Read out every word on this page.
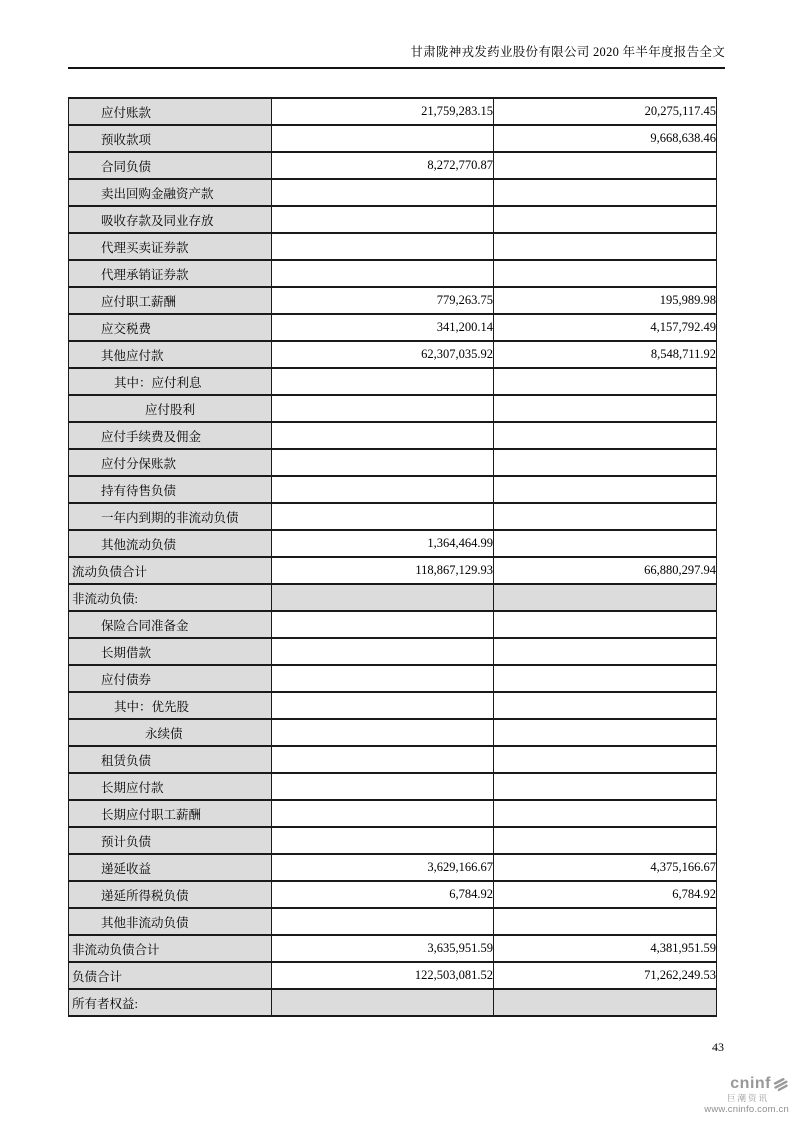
甘肃陇神戎发药业股份有限公司 2020 年半年度报告全文
应付账款	21,759,283.15	20,275,117.45

预收款项		9,668,638.46

合同负债	8,272,770.87	

卖出回购金融资产款		

吸收存款及同业存放		

代理买卖证券款		

代理承销证券款		

应付职工薪酬	779,263.75	195,989.98

应交税费	341,200.14	4,157,792.49

其他应付款	62,307,035.92	8,548,711.92

其中：应付利息		

应付股利		

应付手续费及佣金		

应付分保账款		

持有待售负债		

一年内到期的非流动负债		

其他流动负债	1,364,464.99	

流动负债合计	118,867,129.93	66,880,297.94

非流动负债:		

保险合同准备金		

长期借款		

应付债券		

其中：优先股		

永续债		

租赁负债		

长期应付款		

长期应付职工薪酬		

预计负债		

递延收益	3,629,166.67	4,375,166.67

递延所得税负债	6,784.92	6,784.92

其他非流动负债		

非流动负债合计	3,635,951.59	4,381,951.59

负债合计	122,503,081.52	71,262,249.53

所有者权益:		

43
cninf
巨潮资讯
www.cninfo.com.cn
